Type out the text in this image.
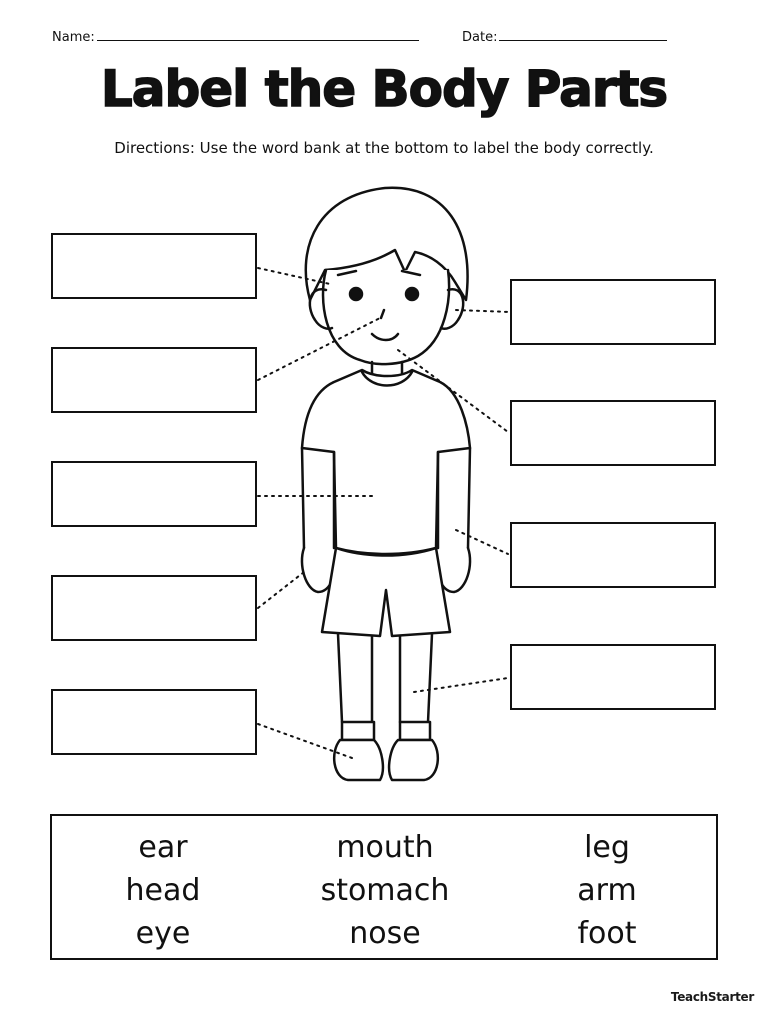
Name:	Date:
Label the Body Parts
Directions: Use the word bank at the bottom to label the body correctly.
ear
head
eye
mouth
stomach
nose
leg
arm
foot
TeachStarter
